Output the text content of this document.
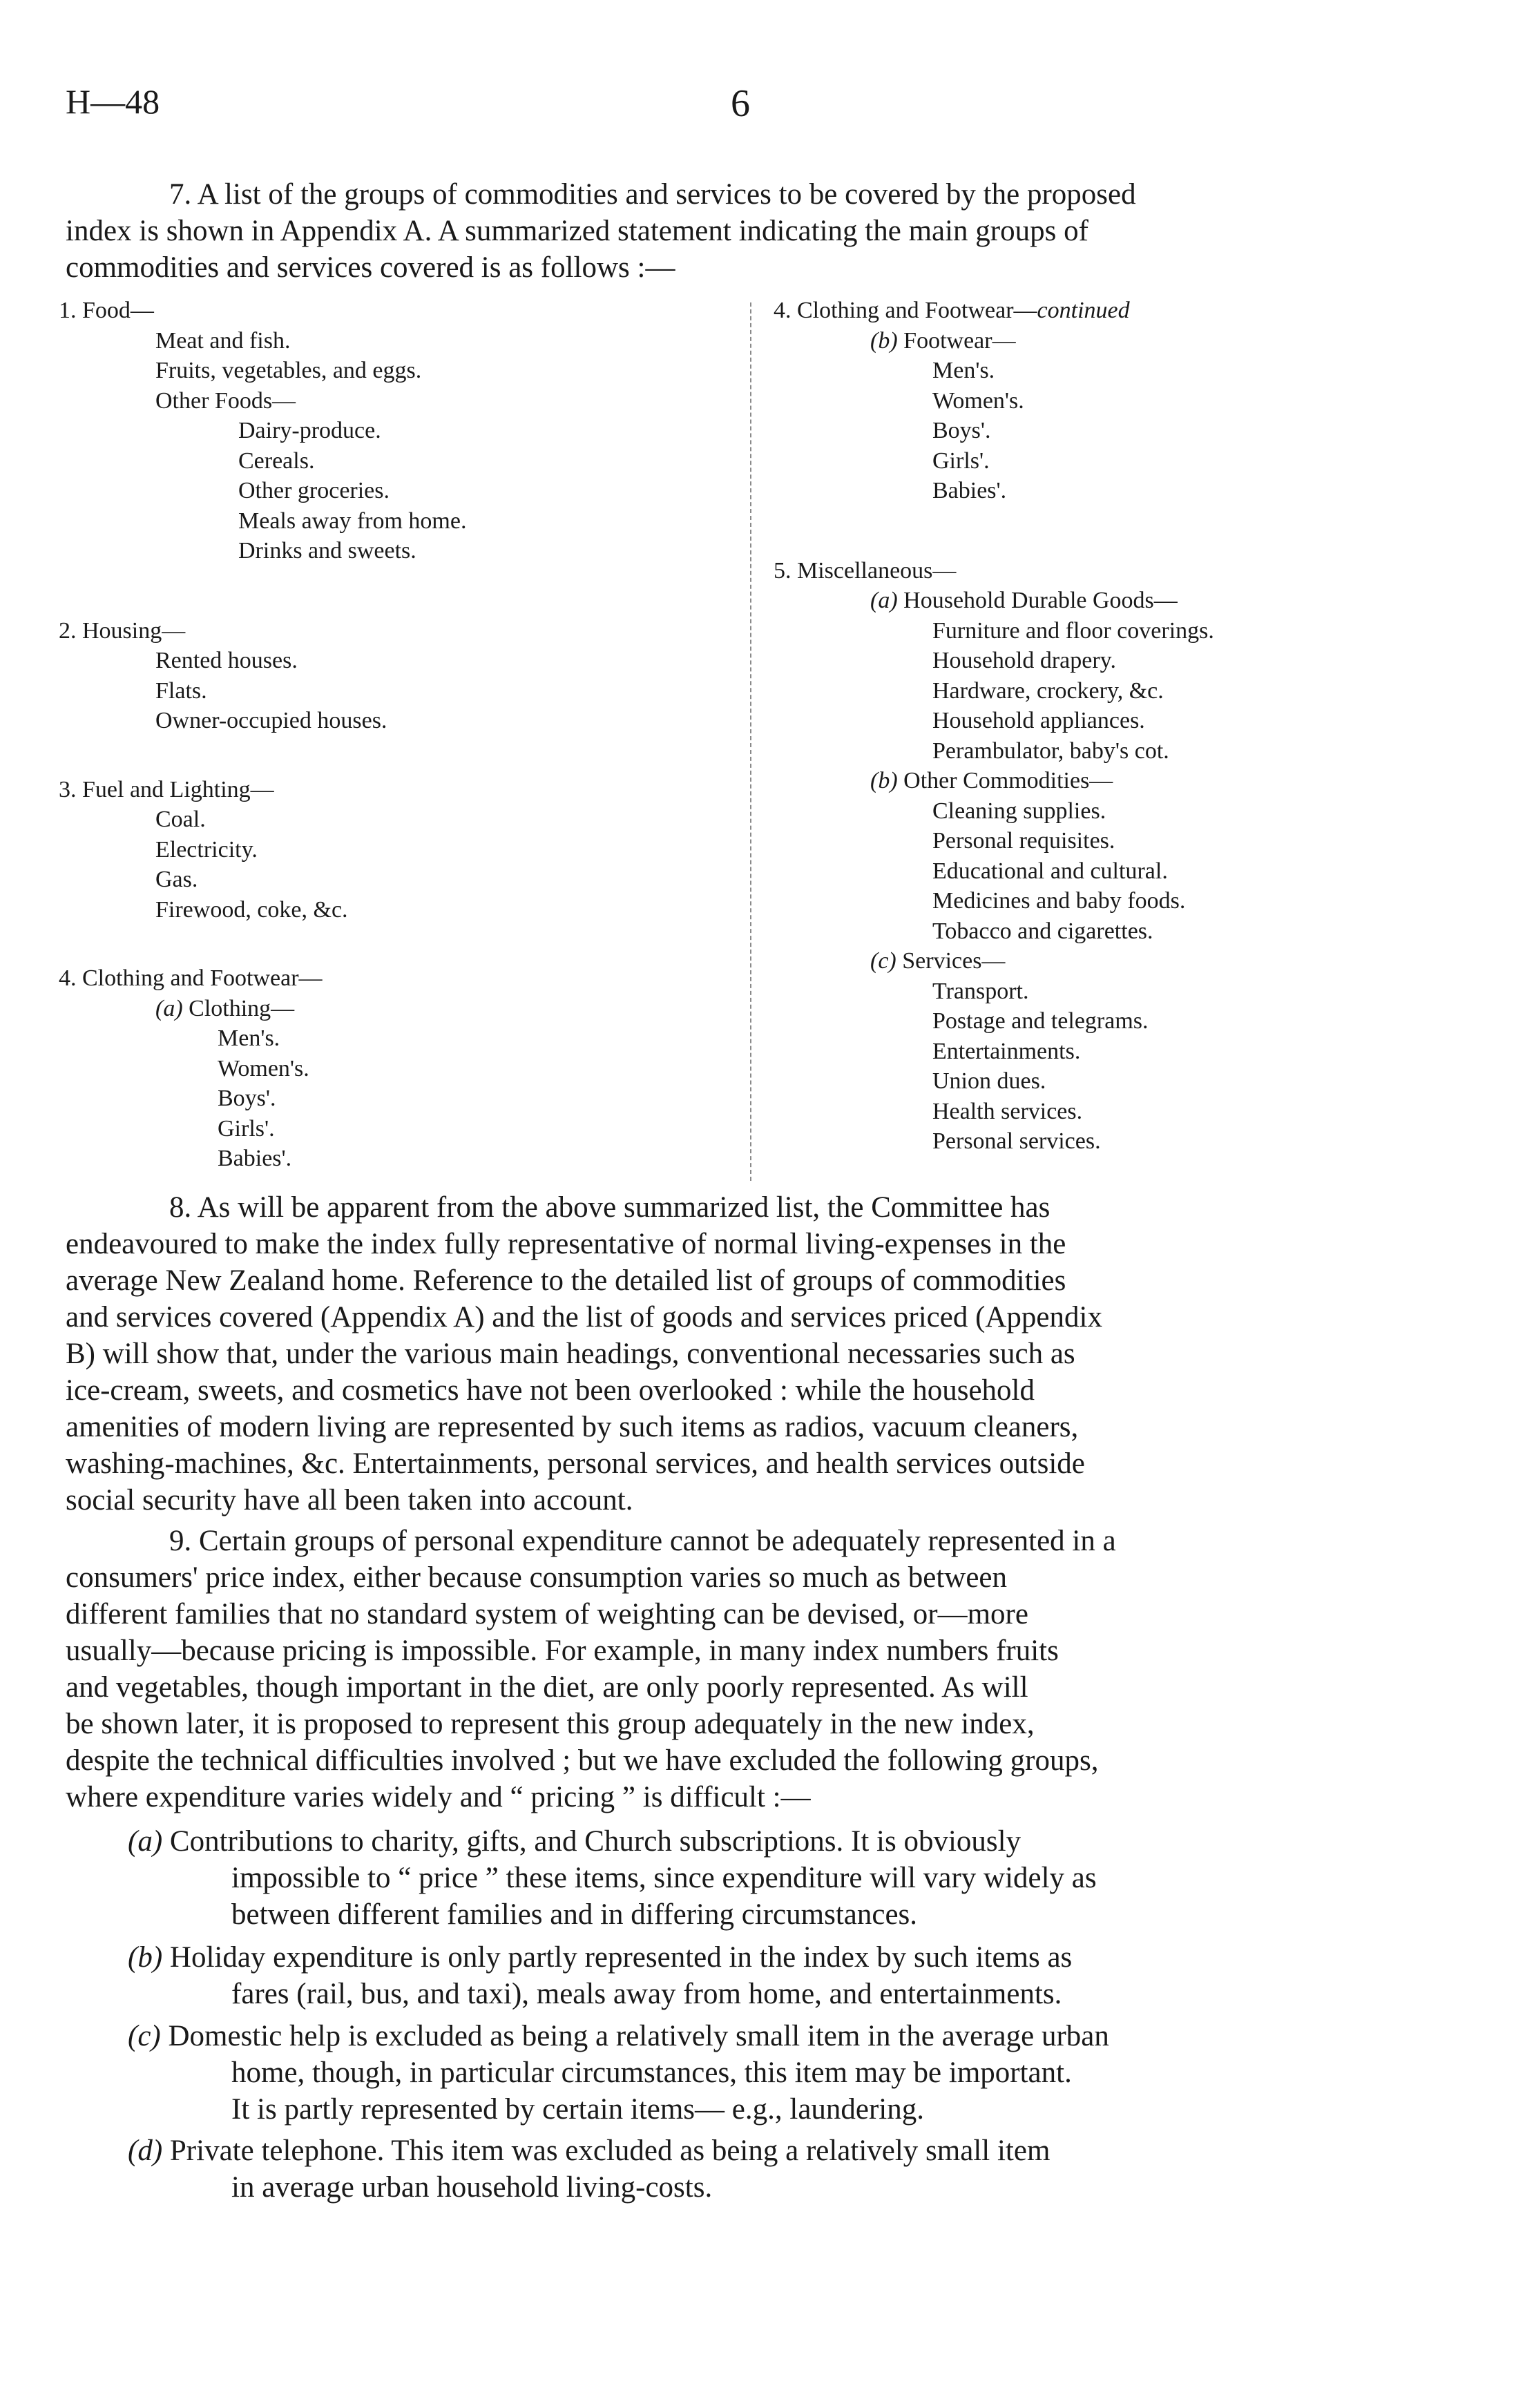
H—48	6
7. A list of the groups of commodities and services to be covered by the proposed
index is shown in Appendix A. A summarized statement indicating the main groups of
commodities and services covered is as follows :—
1. Food—
Meat and fish.
Fruits, vegetables, and eggs.
Other Foods—
Dairy-produce.
Cereals.
Other groceries.
Meals away from home.
Drinks and sweets.
2. Housing—
Rented houses.
Flats.
Owner-occupied houses.
3. Fuel and Lighting—
Coal.
Electricity.
Gas.
Firewood, coke, &c.
4. Clothing and Footwear—
(a) Clothing—
Men's.
Women's.
Boys'.
Girls'.
Babies'.
4. Clothing and Footwear—continued
(b) Footwear—
Men's.
Women's.
Boys'.
Girls'.
Babies'.
5. Miscellaneous—
(a) Household Durable Goods—
Furniture and floor coverings.
Household drapery.
Hardware, crockery, &c.
Household appliances.
Perambulator, baby's cot.
(b) Other Commodities—
Cleaning supplies.
Personal requisites.
Educational and cultural.
Medicines and baby foods.
Tobacco and cigarettes.
(c) Services—
Transport.
Postage and telegrams.
Entertainments.
Union dues.
Health services.
Personal services.
8. As will be apparent from the above summarized list, the Committee has
endeavoured to make the index fully representative of normal living-expenses in the
average New Zealand home. Reference to the detailed list of groups of commodities
and services covered (Appendix A) and the list of goods and services priced (Appendix
B) will show that, under the various main headings, conventional necessaries such as
ice-cream, sweets, and cosmetics have not been overlooked : while the household
amenities of modern living are represented by such items as radios, vacuum cleaners,
washing-machines, &c. Entertainments, personal services, and health services outside
social security have all been taken into account.
9. Certain groups of personal expenditure cannot be adequately represented in a
consumers' price index, either because consumption varies so much as between
different families that no standard system of weighting can be devised, or—more
usually—because pricing is impossible. For example, in many index numbers fruits
and vegetables, though important in the diet, are only poorly represented. As will
be shown later, it is proposed to represent this group adequately in the new index,
despite the technical difficulties involved ; but we have excluded the following groups,
where expenditure varies widely and “ pricing ” is difficult :—
(a) Contributions to charity, gifts, and Church subscriptions. It is obviously
impossible to “ price ” these items, since expenditure will vary widely as
between different families and in differing circumstances.
(b) Holiday expenditure is only partly represented in the index by such items as
fares (rail, bus, and taxi), meals away from home, and entertainments.
(c) Domestic help is excluded as being a relatively small item in the average urban
home, though, in particular circumstances, this item may be important.
It is partly represented by certain items— e.g., laundering.
(d) Private telephone. This item was excluded as being a relatively small item
in average urban household living-costs.
